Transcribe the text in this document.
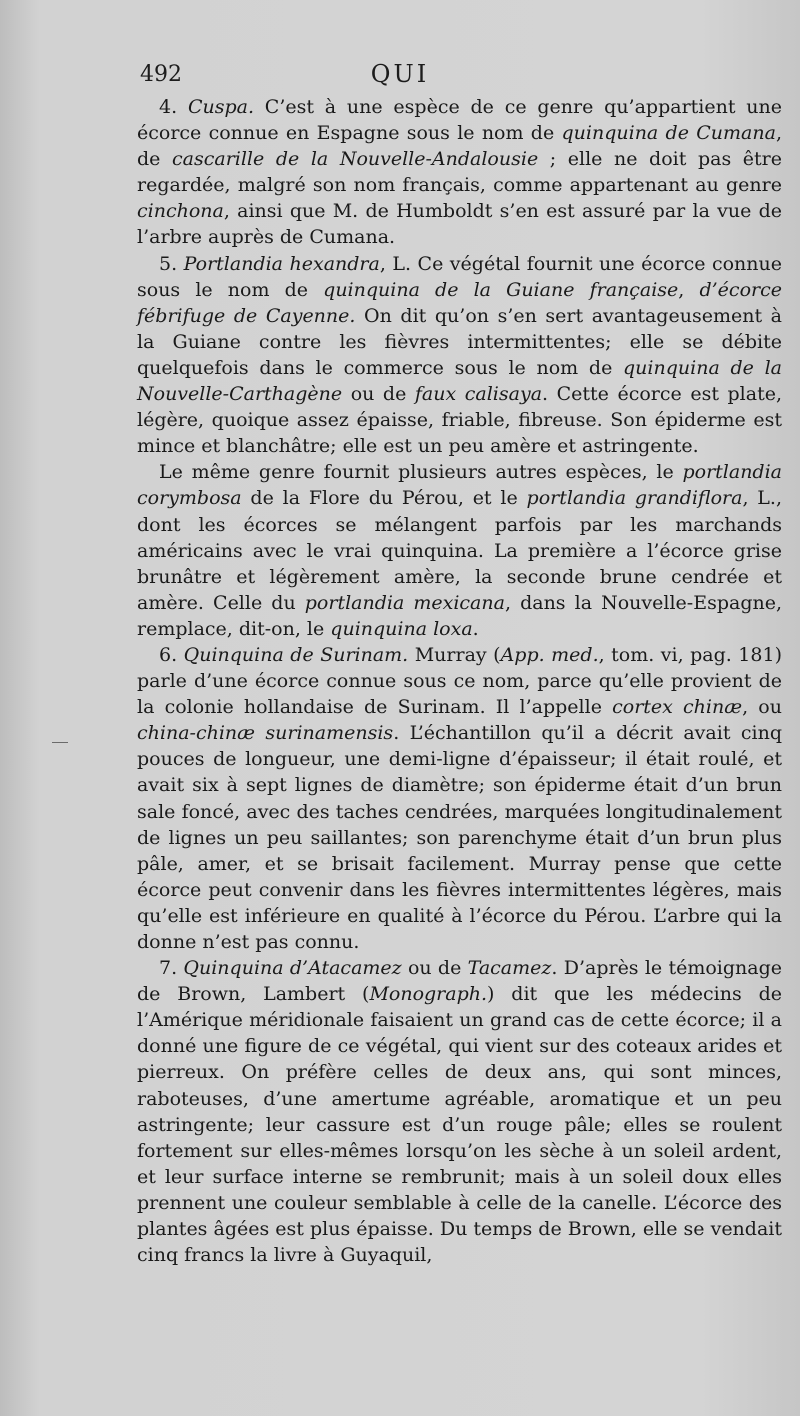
492	QUI

4. Cuspa. C’est à une espèce de ce genre qu’appartient une écorce connue en Espagne sous le nom de quinquina de Cumana, de cascarille de la Nouvelle-Andalousie ; elle ne doit pas être regardée, malgré son nom français, comme appartenant au genre cinchona, ainsi que M. de Humboldt s’en est assuré par la vue de l’arbre auprès de Cumana.

5. Portlandia hexandra, L. Ce végétal fournit une écorce connue sous le nom de quinquina de la Guiane française, d’écorce fébrifuge de Cayenne. On dit qu’on s’en sert avantageusement à la Guiane contre les fièvres intermittentes; elle se débite quelquefois dans le commerce sous le nom de quinquina de la Nouvelle-Carthagène ou de faux calisaya. Cette écorce est plate, légère, quoique assez épaisse, friable, fibreuse. Son épiderme est mince et blanchâtre; elle est un peu amère et astringente.

Le même genre fournit plusieurs autres espèces, le portlandia corymbosa de la Flore du Pérou, et le portlandia grandiflora, L., dont les écorces se mélangent parfois par les marchands américains avec le vrai quinquina. La première a l’écorce grise brunâtre et légèrement amère, la seconde brune cendrée et amère. Celle du portlandia mexicana, dans la Nouvelle-Espagne, remplace, dit-on, le quinquina loxa.

6. Quinquina de Surinam. Murray (App. med., tom. vi, pag. 181) parle d’une écorce connue sous ce nom, parce qu’elle provient de la colonie hollandaise de Surinam. Il l’appelle cortex chinæ, ou china-chinæ surinamensis. L’échantillon qu’il a décrit avait cinq pouces de longueur, une demi-ligne d’épaisseur; il était roulé, et avait six à sept lignes de diamètre; son épiderme était d’un brun sale foncé, avec des taches cendrées, marquées longitudinalement de lignes un peu saillantes; son parenchyme était d’un brun plus pâle, amer, et se brisait facilement. Murray pense que cette écorce peut convenir dans les fièvres intermittentes légères, mais qu’elle est inférieure en qualité à l’écorce du Pérou. L’arbre qui la donne n’est pas connu.

7. Quinquina d’Atacamez ou de Tacamez. D’après le témoignage de Brown, Lambert (Monograph.) dit que les médecins de l’Amérique méridionale faisaient un grand cas de cette écorce; il a donné une figure de ce végétal, qui vient sur des coteaux arides et pierreux. On préfère celles de deux ans, qui sont minces, raboteuses, d’une amertume agréable, aromatique et un peu astringente; leur cassure est d’un rouge pâle; elles se roulent fortement sur elles-mêmes lorsqu’on les sèche à un soleil ardent, et leur surface interne se rembrunit; mais à un soleil doux elles prennent une couleur semblable à celle de la canelle. L’écorce des plantes âgées est plus épaisse. Du temps de Brown, elle se vendait cinq francs la livre à Guyaquil,
